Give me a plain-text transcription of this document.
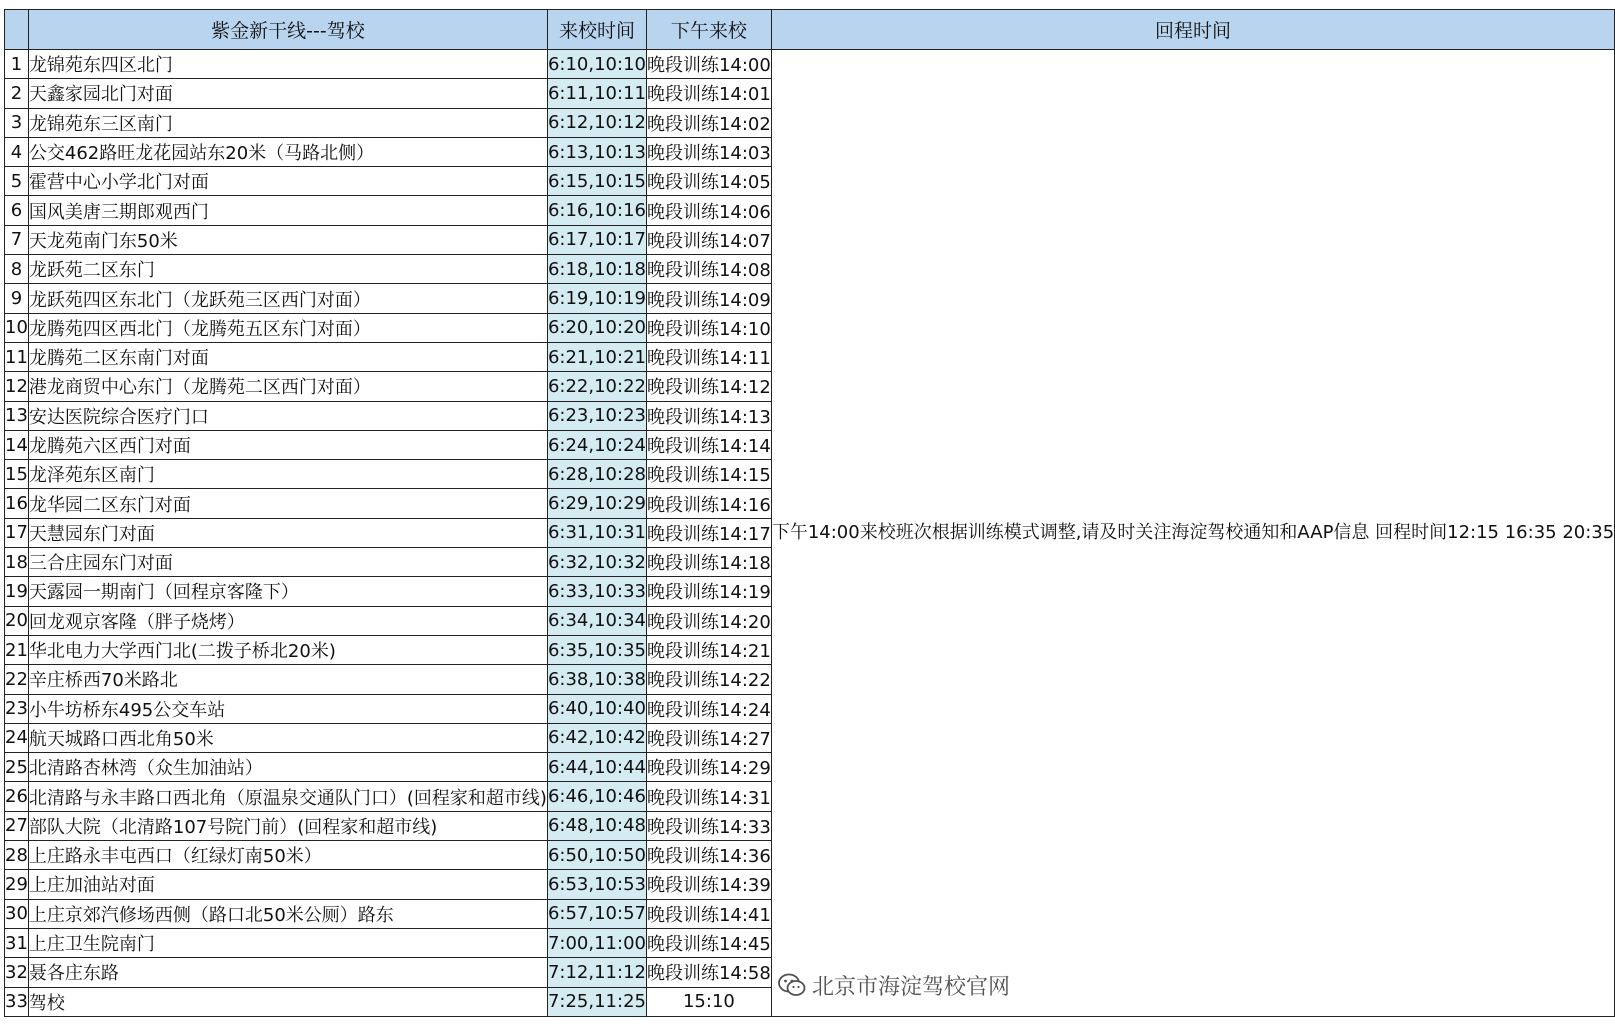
	紫金新干线---驾校	来校时间	下午来校	回程时间
1	龙锦苑东四区北门	6:10,10:10	晚段训练14:00	下午14:00来校班次根据训练模式调整,请及时关注海淀驾校通知和AAP信息 回程时间12:15 16:35 20:35
2	天鑫家园北门对面	6:11,10:11	晚段训练14:01	
3	龙锦苑东三区南门	6:12,10:12	晚段训练14:02	
4	公交462路旺龙花园站东20米（马路北侧）	6:13,10:13	晚段训练14:03	
5	霍营中心小学北门对面	6:15,10:15	晚段训练14:05	
6	国风美唐三期郎观西门	6:16,10:16	晚段训练14:06	
7	天龙苑南门东50米	6:17,10:17	晚段训练14:07	
8	龙跃苑二区东门	6:18,10:18	晚段训练14:08	
9	龙跃苑四区东北门（龙跃苑三区西门对面）	6:19,10:19	晚段训练14:09	
10	龙腾苑四区西北门（龙腾苑五区东门对面）	6:20,10:20	晚段训练14:10	
11	龙腾苑二区东南门对面	6:21,10:21	晚段训练14:11	
12	港龙商贸中心东门（龙腾苑二区西门对面）	6:22,10:22	晚段训练14:12	
13	安达医院综合医疗门口	6:23,10:23	晚段训练14:13	
14	龙腾苑六区西门对面	6:24,10:24	晚段训练14:14	
15	龙泽苑东区南门	6:28,10:28	晚段训练14:15	
16	龙华园二区东门对面	6:29,10:29	晚段训练14:16	
17	天慧园东门对面	6:31,10:31	晚段训练14:17	
18	三合庄园东门对面	6:32,10:32	晚段训练14:18	
19	天露园一期南门（回程京客隆下）	6:33,10:33	晚段训练14:19	
20	回龙观京客隆（胖子烧烤）	6:34,10:34	晚段训练14:20	
21	华北电力大学西门北(二拨子桥北20米)	6:35,10:35	晚段训练14:21	
22	辛庄桥西70米路北	6:38,10:38	晚段训练14:22	
23	小牛坊桥东495公交车站	6:40,10:40	晚段训练14:24	
24	航天城路口西北角50米	6:42,10:42	晚段训练14:27	
25	北清路杏林湾（众生加油站）	6:44,10:44	晚段训练14:29	
26	北清路与永丰路口西北角（原温泉交通队门口）(回程家和超市线)	6:46,10:46	晚段训练14:31	
27	部队大院（北清路107号院门前）(回程家和超市线)	6:48,10:48	晚段训练14:33	
28	上庄路永丰屯西口（红绿灯南50米）	6:50,10:50	晚段训练14:36	
29	上庄加油站对面	6:53,10:53	晚段训练14:39	
30	上庄京郊汽修场西侧（路口北50米公厕）路东	6:57,10:57	晚段训练14:41	
31	上庄卫生院南门	7:00,11:00	晚段训练14:45	
32	聂各庄东路	7:12,11:12	晚段训练14:58	
33	驾校	7:25,11:25	15:10	
北京市海淀驾校官网
